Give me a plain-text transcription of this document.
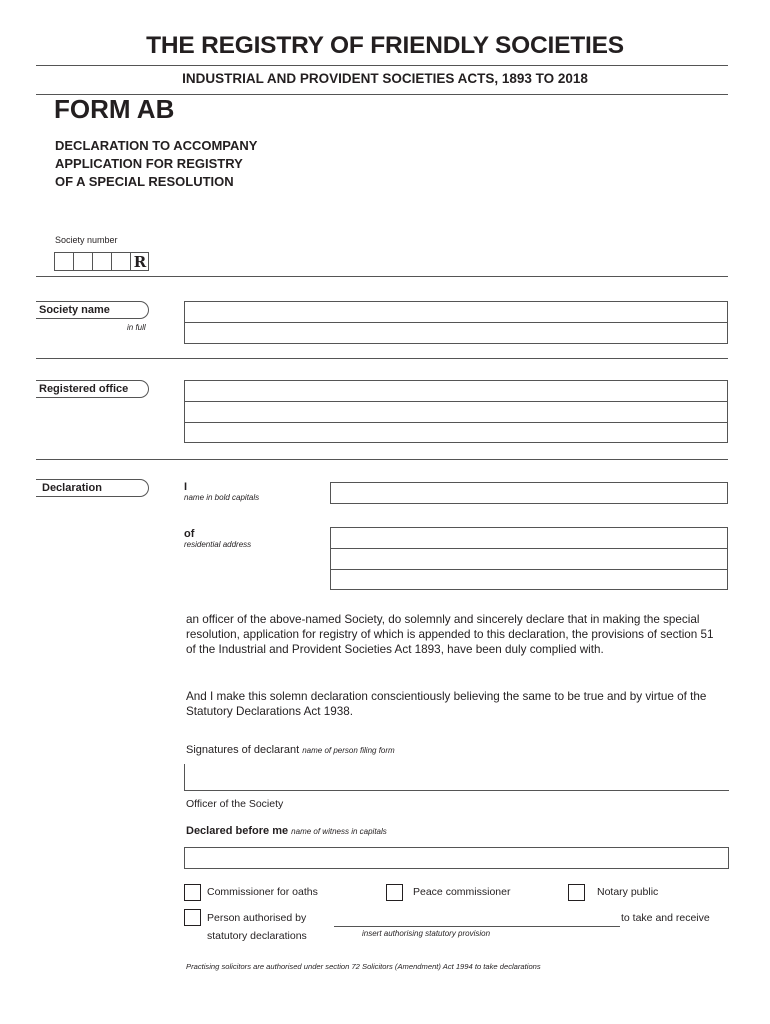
THE REGISTRY OF FRIENDLY SOCIETIES
INDUSTRIAL AND PROVIDENT SOCIETIES ACTS, 1893 TO 2018
FORM AB
DECLARATION TO ACCOMPANY
APPLICATION FOR REGISTRY
OF A SPECIAL RESOLUTION
Society number
R
Society name
in full
Registered office
Declaration	I
name in bold capitals
of
residential address
an officer of the above-named Society, do solemnly and sincerely declare that in making the special resolution, application for registry of which is appended to this declaration, the provisions of section 51 of the Industrial and Provident Societies Act 1893, have been duly complied with.
And I make this solemn declaration conscientiously believing the same to be true and by virtue of the Statutory Declarations Act 1938.
Signatures of declarant name of person filing form
Officer of the Society
Declared before me name of witness in capitals
Commissioner for oaths	Peace commissioner	Notary public
Person authorised by
statutory declarations	insert authorising statutory provision
to take and receive
Practising solicitors are authorised under section 72 Solicitors (Amendment) Act 1994 to take declarations
